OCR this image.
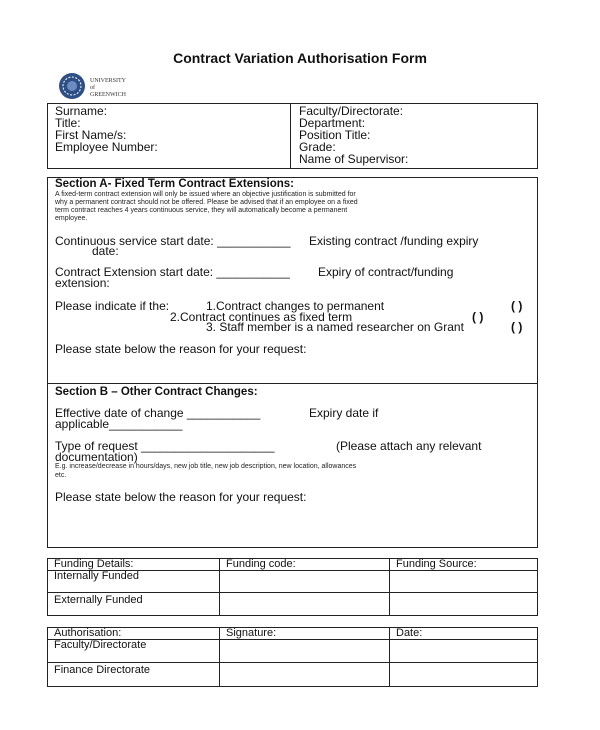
Contract Variation Authorisation Form
UNIVERSITY
of
GREENWICH
Surname:
Title:
First Name/s:
Employee Number:
Faculty/Directorate:
Department:
Position Title:
Grade:
Name of Supervisor:
Section A- Fixed Term Contract Extensions:
A fixed-term contract extension will only be issued where an objective justification is submitted for
why a permanent contract should not be offered. Please be advised that if an employee on a fixed
term contract reaches 4 years continuous service, they will automatically become a permanent
employee.
Continuous service start date: ___________ Existing contract /funding expiry
date:
Contract Extension start date: ___________ Expiry of contract/funding
extension:
Please indicate if the:	1.Contract changes to permanent
2.Contract continues as fixed term
3. Staff member is a named researcher on Grant
( )
( )
( )
Please state below the reason for your request:
Section B – Other Contract Changes:
Effective date of change ___________	Expiry date if
applicable___________
Type of request ____________________	(Please attach any relevant
documentation)
E.g. increase/decrease in hours/days, new job title, new job description, new location, allowances
etc.
Please state below the reason for your request:
Funding Details:	Funding code:	Funding Source:
Internally Funded		
Externally Funded		
Authorisation:	Signature:	Date:
Faculty/Directorate		
Finance Directorate		
